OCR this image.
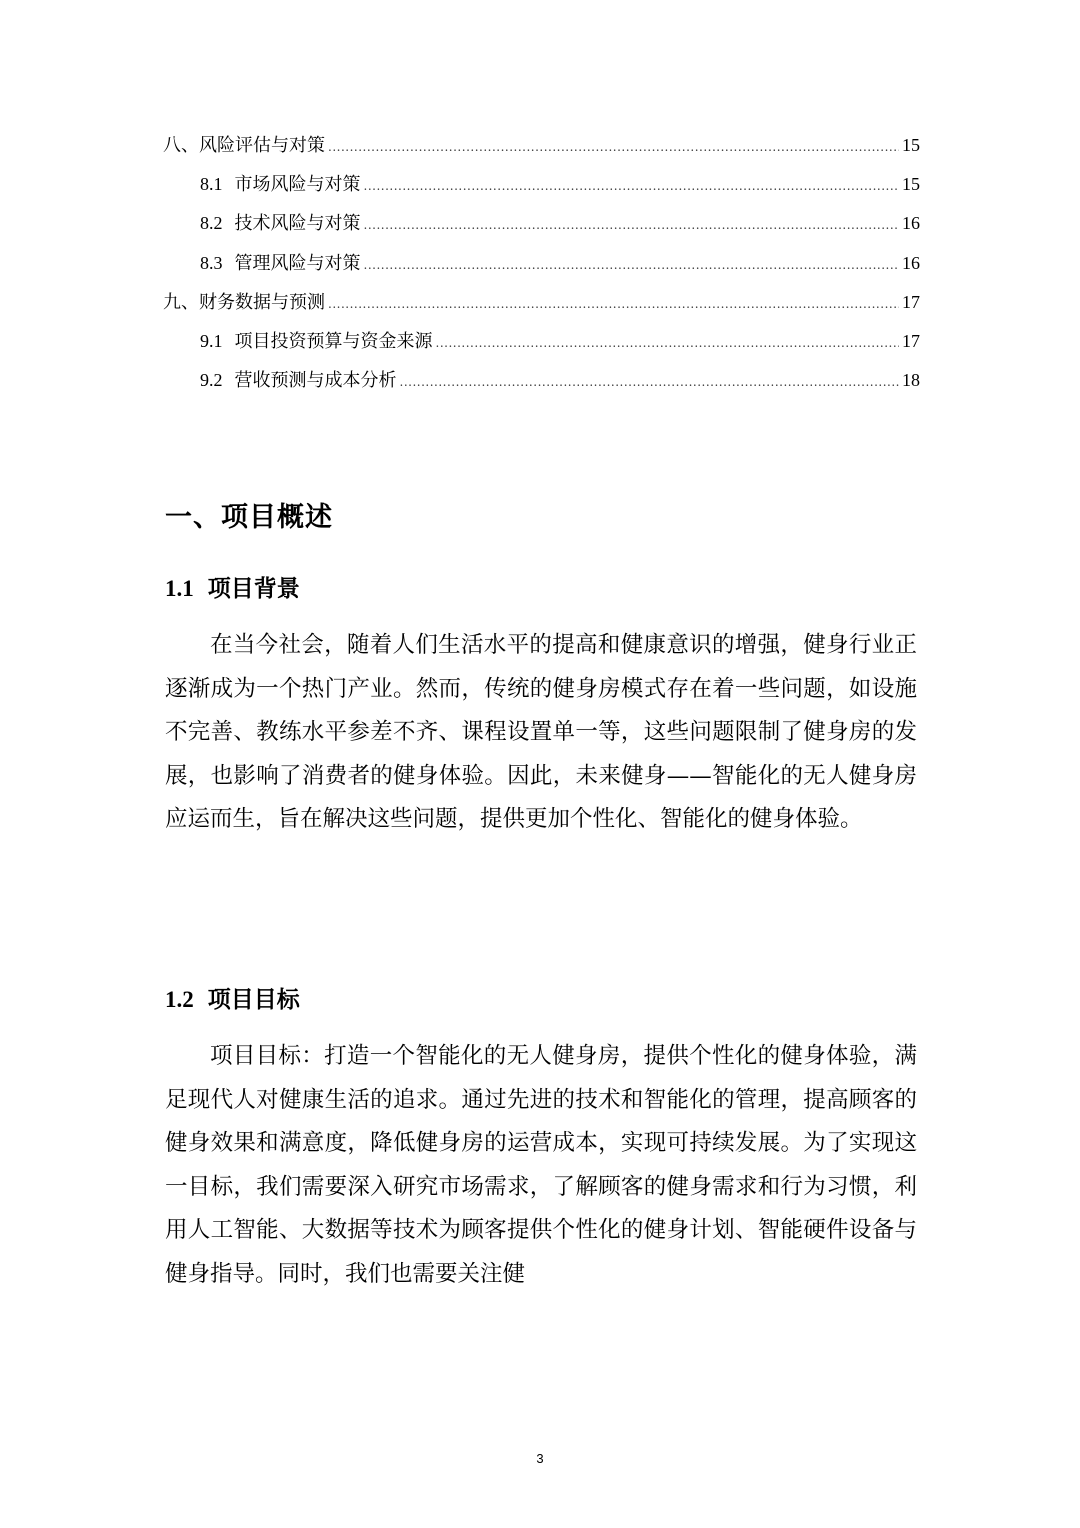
八、风险评估与对策 .....	15
8.1 市场风险与对策 .....	15
8.2 技术风险与对策 .....	16
8.3 管理风险与对策 .....	16
九、财务数据与预测 .....	17
9.1 项目投资预算与资金来源 .....	17
9.2 营收预测与成本分析 .....	18
一、项目概述
1.1 项目背景

在当今社会，随着人们生活水平的提高和健康意识的增强，健身行业正逐渐成为一个热门产业。然而，传统的健身房模式存在着一些问题，如设施不完善、教练水平参差不齐、课程设置单一等，这些问题限制了健身房的发展，也影响了消费者的健身体验。因此，未来健身——智能化的无人健身房应运而生，旨在解决这些问题，提供更加个性化、智能化的健身体验。

1.2 项目目标

项目目标：打造一个智能化的无人健身房，提供个性化的健身体验，满足现代人对健康生活的追求。通过先进的技术和智能化的管理，提高顾客的健身效果和满意度，降低健身房的运营成本，实现可持续发展。为了实现这一目标，我们需要深入研究市场需求，了解顾客的健身需求和行为习惯，利用人工智能、大数据等技术为顾客提供个性化的健身计划、智能硬件设备与健身指导。同时，我们也需要关注健

3
